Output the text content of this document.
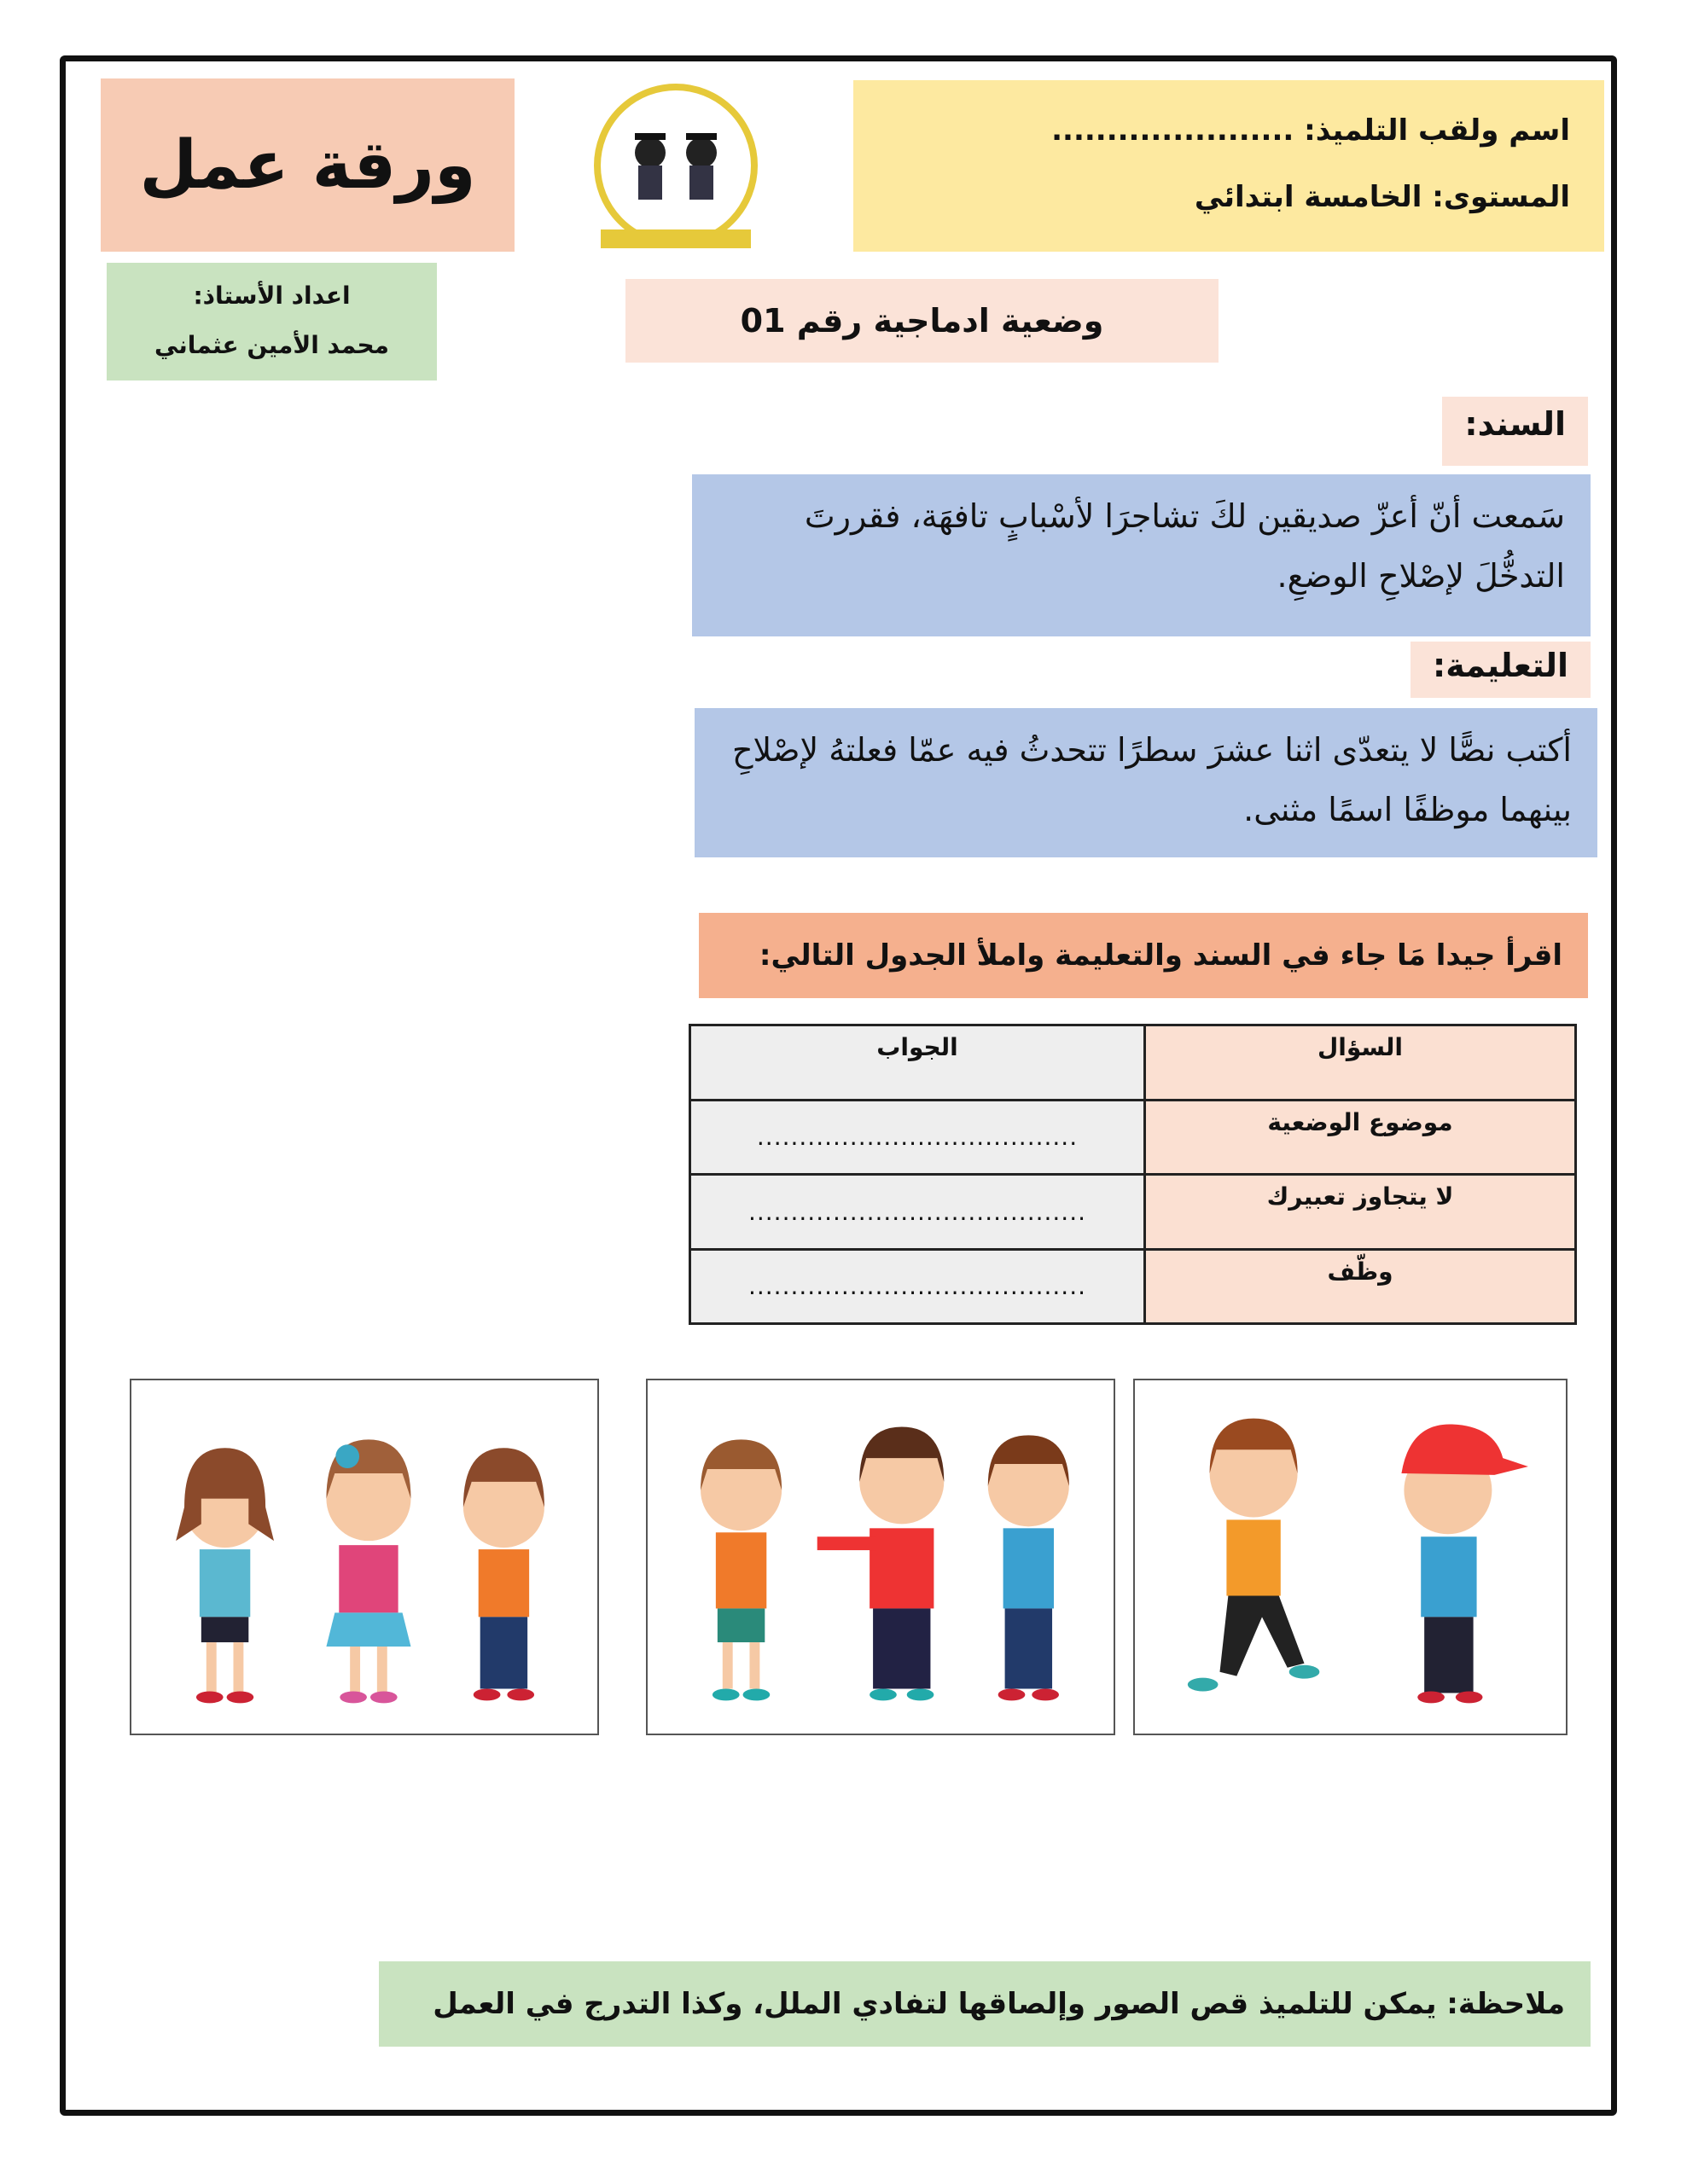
ورقة عمل	اسم ولقب التلميذ: ......................
المستوى: الخامسة ابتدائي
اعداد الأستاذ:
محمد الأمين عثماني
وضعية ادماجية رقم 01
السند:
سَمعت أنّ أعزّ صديقين لكَ تشاجرَا لأسْبابٍ تافهَة، فقررتَ التدخُّلَ لإصْلاحِ الوضعِ.
التعليمة:
أكتب نصًّا لا يتعدّى اثنا عشرَ سطرًا تتحدثُ فيه عمّا فعلتهُ لإصْلاحِ بينهما موظفًا اسمًا مثنى.
اقرأ جيدا مَا جاء في السند والتعليمة واملأ الجدول التالي:
السؤال	الجواب
موضوع الوضعية	......................................
لا يتجاوز تعبيرك	........................................
وظّف	........................................
ملاحظة: يمكن للتلميذ قص الصور وإلصاقها لتفادي الملل، وكذا التدرج في العمل
